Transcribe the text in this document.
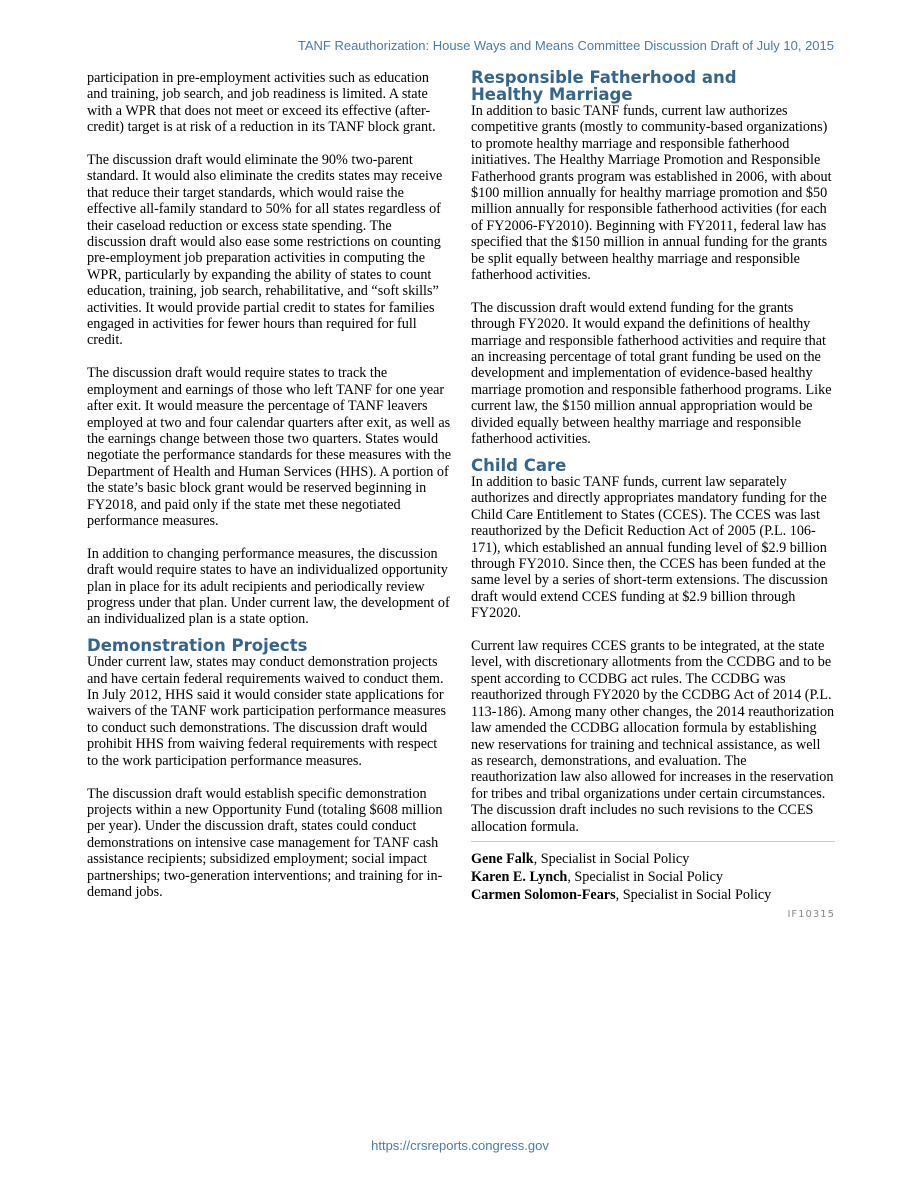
TANF Reauthorization: House Ways and Means Committee Discussion Draft of July 10, 2015

participation in pre-employment activities such as education and training, job search, and job readiness is limited. A state with a WPR that does not meet or exceed its effective (after-credit) target is at risk of a reduction in its TANF block grant.

The discussion draft would eliminate the 90% two-parent standard. It would also eliminate the credits states may receive that reduce their target standards, which would raise the effective all-family standard to 50% for all states regardless of their caseload reduction or excess state spending. The discussion draft would also ease some restrictions on counting pre-employment job preparation activities in computing the WPR, particularly by expanding the ability of states to count education, training, job search, rehabilitative, and “soft skills” activities. It would provide partial credit to states for families engaged in activities for fewer hours than required for full credit.

The discussion draft would require states to track the employment and earnings of those who left TANF for one year after exit. It would measure the percentage of TANF leavers employed at two and four calendar quarters after exit, as well as the earnings change between those two quarters. States would negotiate the performance standards for these measures with the Department of Health and Human Services (HHS). A portion of the state’s basic block grant would be reserved beginning in FY2018, and paid only if the state met these negotiated performance measures.

In addition to changing performance measures, the discussion draft would require states to have an individualized opportunity plan in place for its adult recipients and periodically review progress under that plan. Under current law, the development of an individualized plan is a state option.

Demonstration Projects

Under current law, states may conduct demonstration projects and have certain federal requirements waived to conduct them. In July 2012, HHS said it would consider state applications for waivers of the TANF work participation performance measures to conduct such demonstrations. The discussion draft would prohibit HHS from waiving federal requirements with respect to the work participation performance measures.

The discussion draft would establish specific demonstration projects within a new Opportunity Fund (totaling $608 million per year). Under the discussion draft, states could conduct demonstrations on intensive case management for TANF cash assistance recipients; subsidized employment; social impact partnerships; two-generation interventions; and training for in-demand jobs.

Responsible Fatherhood and
Healthy Marriage

In addition to basic TANF funds, current law authorizes competitive grants (mostly to community-based organizations) to promote healthy marriage and responsible fatherhood initiatives. The Healthy Marriage Promotion and Responsible Fatherhood grants program was established in 2006, with about $100 million annually for healthy marriage promotion and $50 million annually for responsible fatherhood activities (for each of FY2006-FY2010). Beginning with FY2011, federal law has specified that the $150 million in annual funding for the grants be split equally between healthy marriage and responsible fatherhood activities.

The discussion draft would extend funding for the grants through FY2020. It would expand the definitions of healthy marriage and responsible fatherhood activities and require that an increasing percentage of total grant funding be used on the development and implementation of evidence-based healthy marriage promotion and responsible fatherhood programs. Like current law, the $150 million annual appropriation would be divided equally between healthy marriage and responsible fatherhood activities.

Child Care

In addition to basic TANF funds, current law separately authorizes and directly appropriates mandatory funding for the Child Care Entitlement to States (CCES). The CCES was last reauthorized by the Deficit Reduction Act of 2005 (P.L. 106-171), which established an annual funding level of $2.9 billion through FY2010. Since then, the CCES has been funded at the same level by a series of short-term extensions. The discussion draft would extend CCES funding at $2.9 billion through FY2020.

Current law requires CCES grants to be integrated, at the state level, with discretionary allotments from the CCDBG and to be spent according to CCDBG act rules. The CCDBG was reauthorized through FY2020 by the CCDBG Act of 2014 (P.L. 113-186). Among many other changes, the 2014 reauthorization law amended the CCDBG allocation formula by establishing new reservations for training and technical assistance, as well as research, demonstrations, and evaluation. The reauthorization law also allowed for increases in the reservation for tribes and tribal organizations under certain circumstances. The discussion draft includes no such revisions to the CCES allocation formula.

Gene Falk, Specialist in Social Policy

Karen E. Lynch, Specialist in Social Policy

Carmen Solomon-Fears, Specialist in Social Policy

IF10315
https://crsreports.congress.gov
